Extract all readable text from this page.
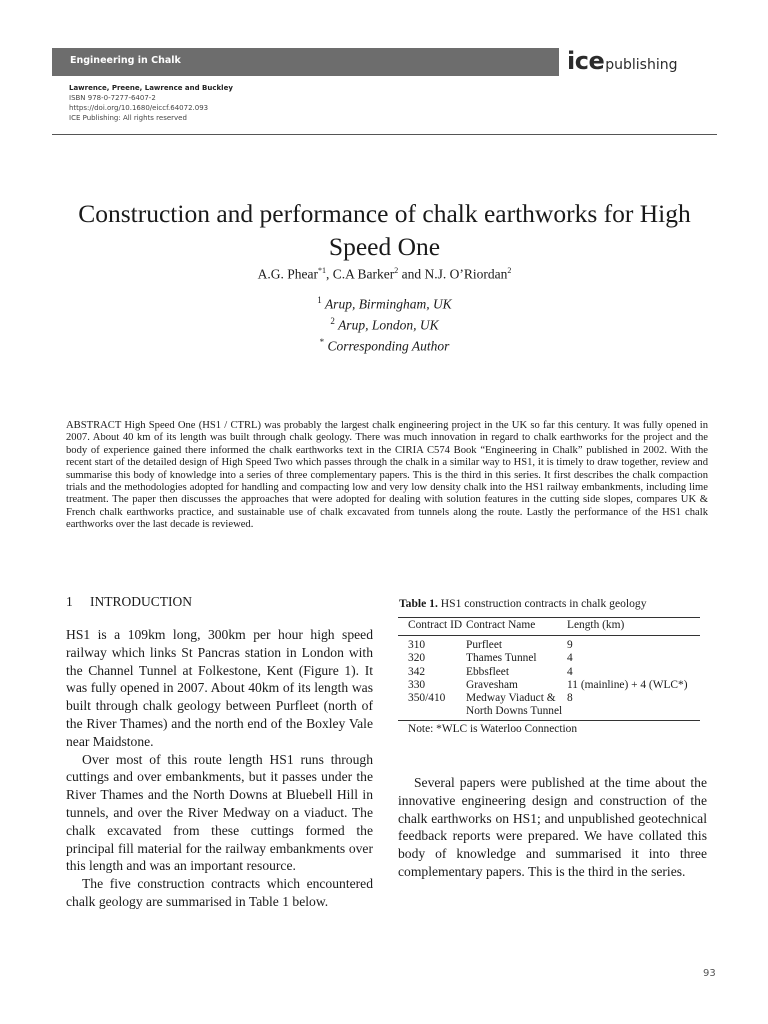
Engineering in Chalk	icepublishing
Lawrence, Preene, Lawrence and Buckley
ISBN 978-0-7277-6407-2
https://doi.org/10.1680/eiccf.64072.093
ICE Publishing: All rights reserved
Construction and performance of chalk earthworks for High Speed One
A.G. Phear$^{*1}$, C.A Barker$^2$ and N.J. O’Riordan$^2$
$^1$ Arup, Birmingham, UK
$^2$ Arup, London, UK
* Corresponding Author
ABSTRACT High Speed One (HS1 / CTRL) was probably the largest chalk engineering project in the UK so far this century. It was fully opened in 2007. About 40 km of its length was built through chalk geology. There was much innovation in regard to chalk earthworks for the project and the body of experience gained there informed the chalk earthworks text in the CIRIA C574 Book “Engineering in Chalk” published in 2002. With the recent start of the detailed design of High Speed Two which passes through the chalk in a similar way to HS1, it is timely to draw together, review and summarise this body of knowledge into a series of three complementary papers. This is the third in this series. It first describes the chalk compaction trials and the methodologies adopted for handling and compacting low and very low density chalk into the HS1 railway embankments, including lime treatment. The paper then discusses the approaches that were adopted for dealing with solution features in the cutting side slopes, compares UK & French chalk earthworks practice, and sustainable use of chalk excavated from tunnels along the route. Lastly the performance of the HS1 chalk earthworks over the last decade is reviewed.
1 INTRODUCTION

HS1 is a 109km long, 300km per hour high speed railway which links St Pancras station in London with the Channel Tunnel at Folkestone, Kent (Figure 1). It was fully opened in 2007. About 40km of its length was built through chalk geology between Purfleet (north of the River Thames) and the north end of the Boxley Vale near Maidstone.

Over most of this route length HS1 runs through cuttings and over embankments, but it passes under the River Thames and the North Downs at Bluebell Hill in tunnels, and over the River Medway on a viaduct. The chalk excavated from these cuttings formed the principal fill material for the railway embankments over this length and was an important resource.

The five construction contracts which encountered chalk geology are summarised in Table 1 below.

Table 1. HS1 construction contracts in chalk geology
Contract ID	Contract Name	Length (km)
310	Purfleet	9
320	Thames Tunnel	4
342	Ebbsfleet	4
330	Gravesham	11 (mainline) + 4 (WLC*)
350/410	Medway Viaduct & North Downs Tunnel	8
Note: *WLC is Waterloo Connection

Several papers were published at the time about the innovative engineering design and construction of the chalk earthworks on HS1; and unpublished geotechnical feedback reports were prepared. We have collated this body of knowledge and summarised it into three complementary papers. This is the third in the series.

93
